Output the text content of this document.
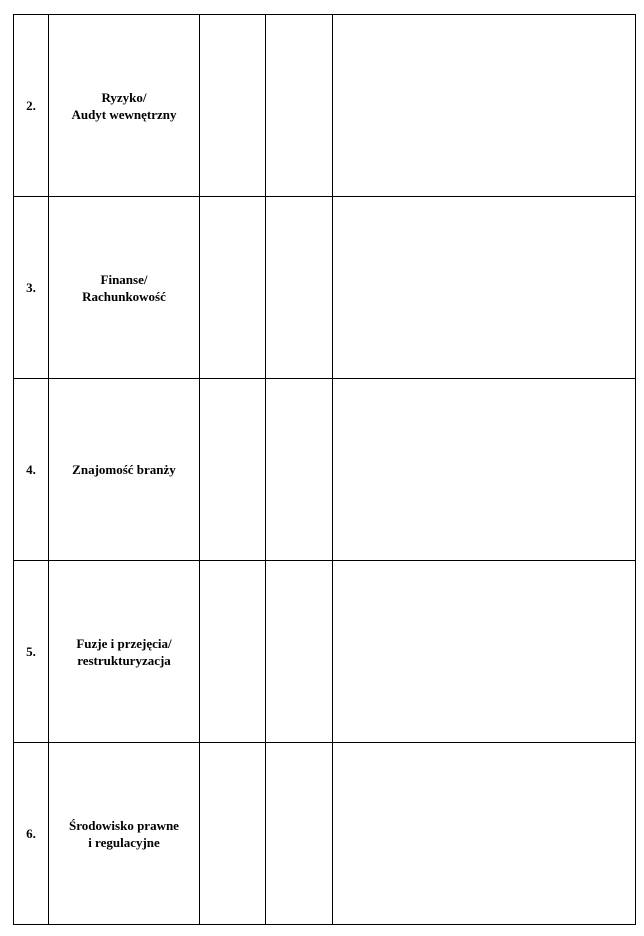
2.	Ryzyko/
Audyt wewnętrzny			

3.	Finanse/
Rachunkowość			

4.	Znajomość branży			

5.	Fuzje i przejęcia/
restrukturyzacja			

6.	Środowisko prawne
i regulacyjne			
